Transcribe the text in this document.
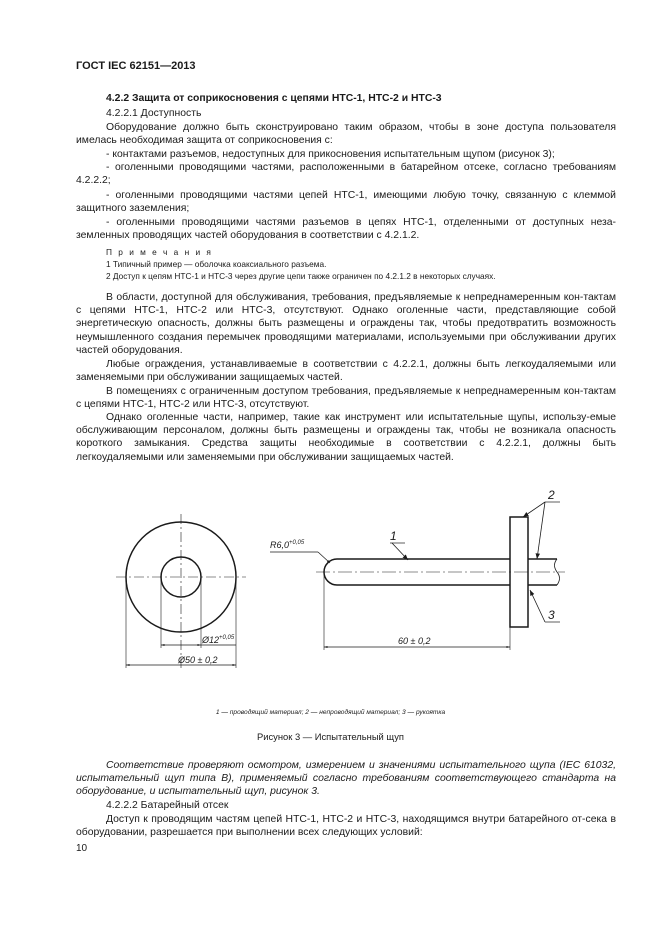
ГОСТ IEC 62151—2013

4.2.2 Защита от соприкосновения с цепями НТС-1, НТС-2 и НТС-3

4.2.2.1 Доступность

Оборудование должно быть сконструировано таким образом, чтобы в зоне доступа пользователя имелась необходимая защита от соприкосновения с:

- контактами разъемов, недоступных для прикосновения испытательным щупом (рисунок 3);

- оголенными проводящими частями, расположенными в батарейном отсеке, согласно требованиям 4.2.2.2;

- оголенными проводящими частями цепей НТС-1, имеющими любую точку, связанную с клеммой защитного заземления;

- оголенными проводящими частями разъемов в цепях НТС-1, отделенными от доступных неза-земленных проводящих частей оборудования в соответствии с 4.2.1.2.

П р и м е ч а н и я

1 Типичный пример — оболочка коаксиального разъема.

2 Доступ к цепям НТС-1 и НТС-3 через другие цепи также ограничен по 4.2.1.2 в некоторых случаях.

В области, доступной для обслуживания, требования, предъявляемые к непреднамеренным кон-тактам с цепями НТС-1, НТС-2 или НТС-3, отсутствуют. Однако оголенные части, представляющие собой энергетическую опасность, должны быть размещены и ограждены так, чтобы предотвратить возможность неумышленного создания перемычек проводящими материалами, используемыми при обслуживании других частей оборудования.

Любые ограждения, устанавливаемые в соответствии с 4.2.2.1, должны быть легкоудаляемыми или заменяемыми при обслуживании защищаемых частей.

В помещениях с ограниченным доступом требования, предъявляемые к непреднамеренным кон-тактам с цепями НТС-1, НТС-2 или НТС-3, отсутствуют.

Однако оголенные части, например, такие как инструмент или испытательные щупы, использу-емые обслуживающим персоналом, должны быть размещены и ограждены так, чтобы не возникала опасность короткого замыкания. Средства защиты необходимые в соответствии с 4.2.2.1, должны быть легкоудаляемыми или заменяемыми при обслуживании защищаемых частей.

$Ø12^{+0,05}$
Ø50 ± 0,2
$R6,0^{+0,05}$	1
2
3
60 ± 0,2
1 — проводящий материал; 2 — непроводящий материал; 3 — рукоятка
Рисунок 3 — Испытательный щуп

Соответствие проверяют осмотром, измерением и значениями испытательного щупа (IEC 61032, испытательный щуп типа B), применяемый согласно требованиям соответствующего стандарта на оборудование, и испытательный щуп, рисунок 3.

4.2.2.2 Батарейный отсек

Доступ к проводящим частям цепей НТС-1, НТС-2 и НТС-3, находящимся внутри батарейного от-сека в оборудовании, разрешается при выполнении всех следующих условий:

10
